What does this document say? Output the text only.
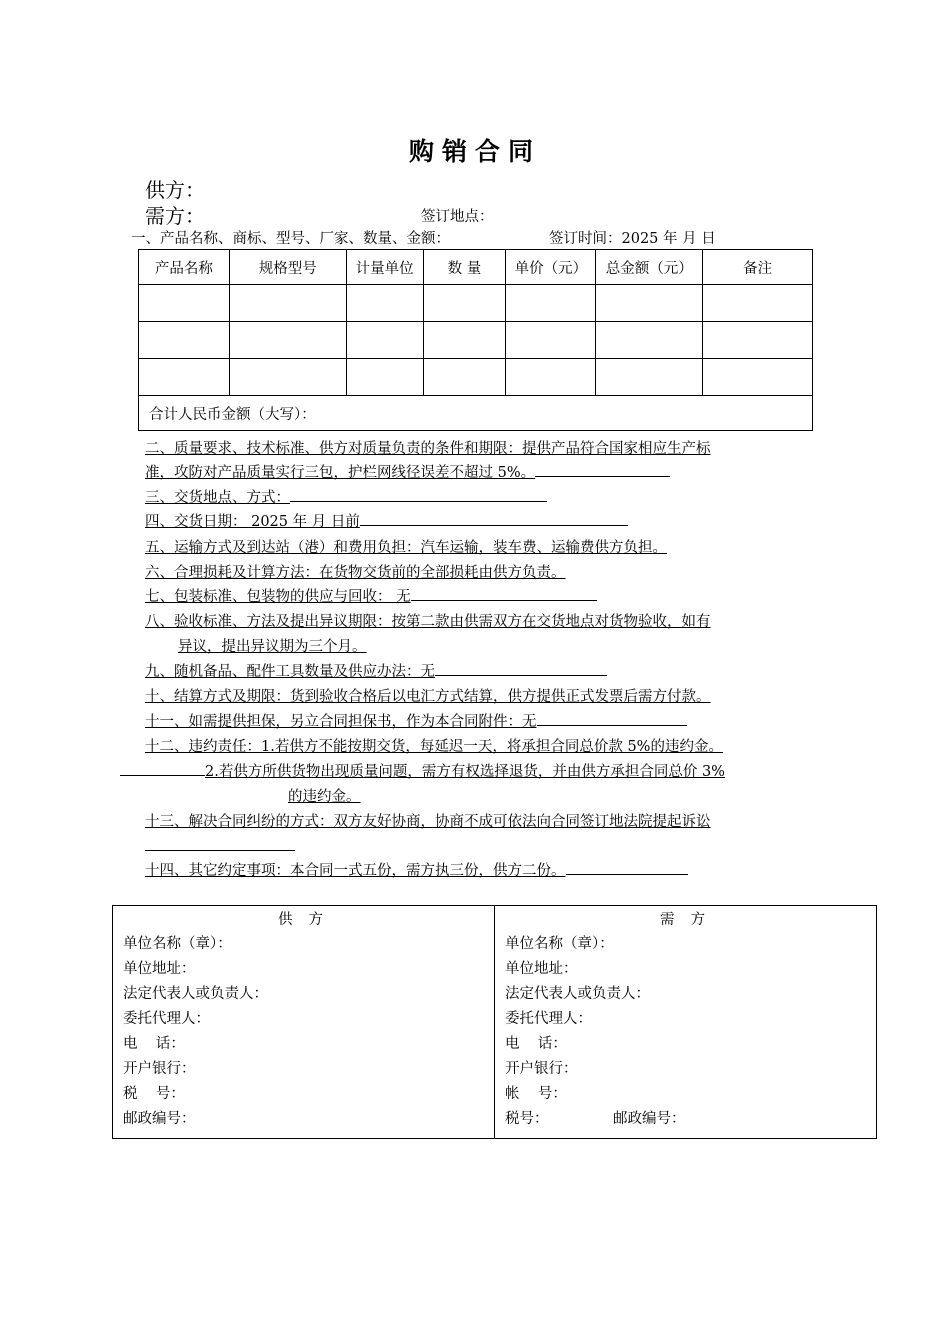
购销合同
供方：
需方：	签订地点：
一、产品名称、商标、型号、厂家、数量、金额：	签订时间：2025 年 月 日
产品名称	规格型号	计量单位	数 量	单价（元）	总金额（元）	备注

合计人民币金额（大写）：						
二、质量要求、技术标准、供方对质量负责的条件和期限：提供产品符合国家相应生产标
准，攻防对产品质量实行三包，护栏网线径误差不超过 5%。
三、交货地点、方式：
四、交货日期： 2025 年 月 日前
五、运输方式及到达站（港）和费用负担：汽车运输，装车费、运输费供方负担。
六、合理损耗及计算方法：在货物交货前的全部损耗由供方负责。
七、包装标准、包装物的供应与回收： 无
八、验收标准、方法及提出异议期限：按第二款由供需双方在交货地点对货物验收，如有
异议，提出异议期为三个月。
九、随机备品、配件工具数量及供应办法：无
十、结算方式及期限：货到验收合格后以电汇方式结算，供方提供正式发票后需方付款。
十一、如需提供担保，另立合同担保书，作为本合同附件：无
十二、违约责任：1.若供方不能按期交货，每延迟一天，将承担合同总价款 5%的违约金。
2.若供方所供货物出现质量问题，需方有权选择退货，并由供方承担合同总价 3%
的违约金。
十三、解决合同纠纷的方式：双方友好协商，协商不成可依法向合同签订地法院提起诉讼
十四、其它约定事项：本合同一式五份，需方执三份，供方二份。
供方
单位名称（章）：
单位地址：
法定代表人或负责人：
委托代理人：
电    话：
开户银行：
税    号：
邮政编号：

需方
单位名称（章）：
单位地址：
法定代表人或负责人：
委托代理人：
电    话：
开户银行：
帐    号：
税号：              邮政编号：
